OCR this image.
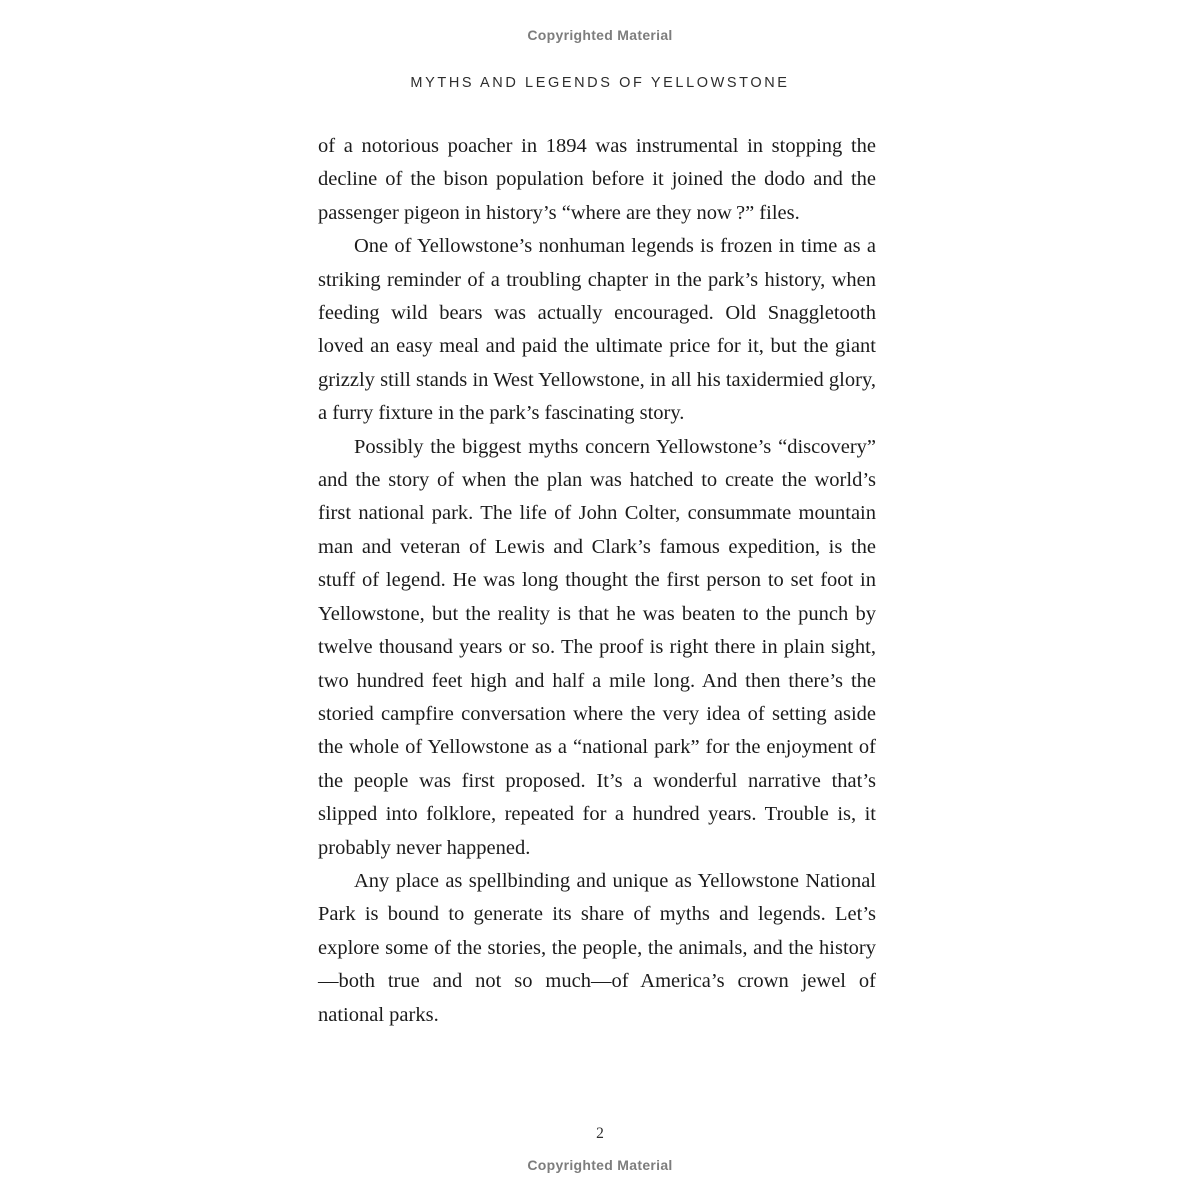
Copyrighted Material
MYTHS AND LEGENDS OF YELLOWSTONE

of a notorious poacher in 1894 was instrumental in stopping the decline of the bison population before it joined the dodo and the passenger pigeon in history’s “where are they now ?” files.

One of Yellowstone’s nonhuman legends is frozen in time as a striking reminder of a troubling chapter in the park’s history, when feeding wild bears was actually encouraged. Old Snaggletooth loved an easy meal and paid the ultimate price for it, but the giant grizzly still stands in West Yellowstone, in all his taxidermied glory, a furry fixture in the park’s fascinating story.

Possibly the biggest myths concern Yellowstone’s “discovery” and the story of when the plan was hatched to create the world’s first national park. The life of John Colter, consummate mountain man and veteran of Lewis and Clark’s famous expedition, is the stuff of legend. He was long thought the first person to set foot in Yellowstone, but the reality is that he was beaten to the punch by twelve thousand years or so. The proof is right there in plain sight, two hundred feet high and half a mile long. And then there’s the storied campfire conversation where the very idea of setting aside the whole of Yellowstone as a “national park” for the enjoyment of the people was first proposed. It’s a wonderful narrative that’s slipped into folklore, repeated for a hundred years. Trouble is, it probably never happened.

Any place as spellbinding and unique as Yellowstone National Park is bound to generate its share of myths and legends. Let’s explore some of the stories, the people, the animals, and the history—both true and not so much—of America’s crown jewel of national parks.

2
Copyrighted Material
